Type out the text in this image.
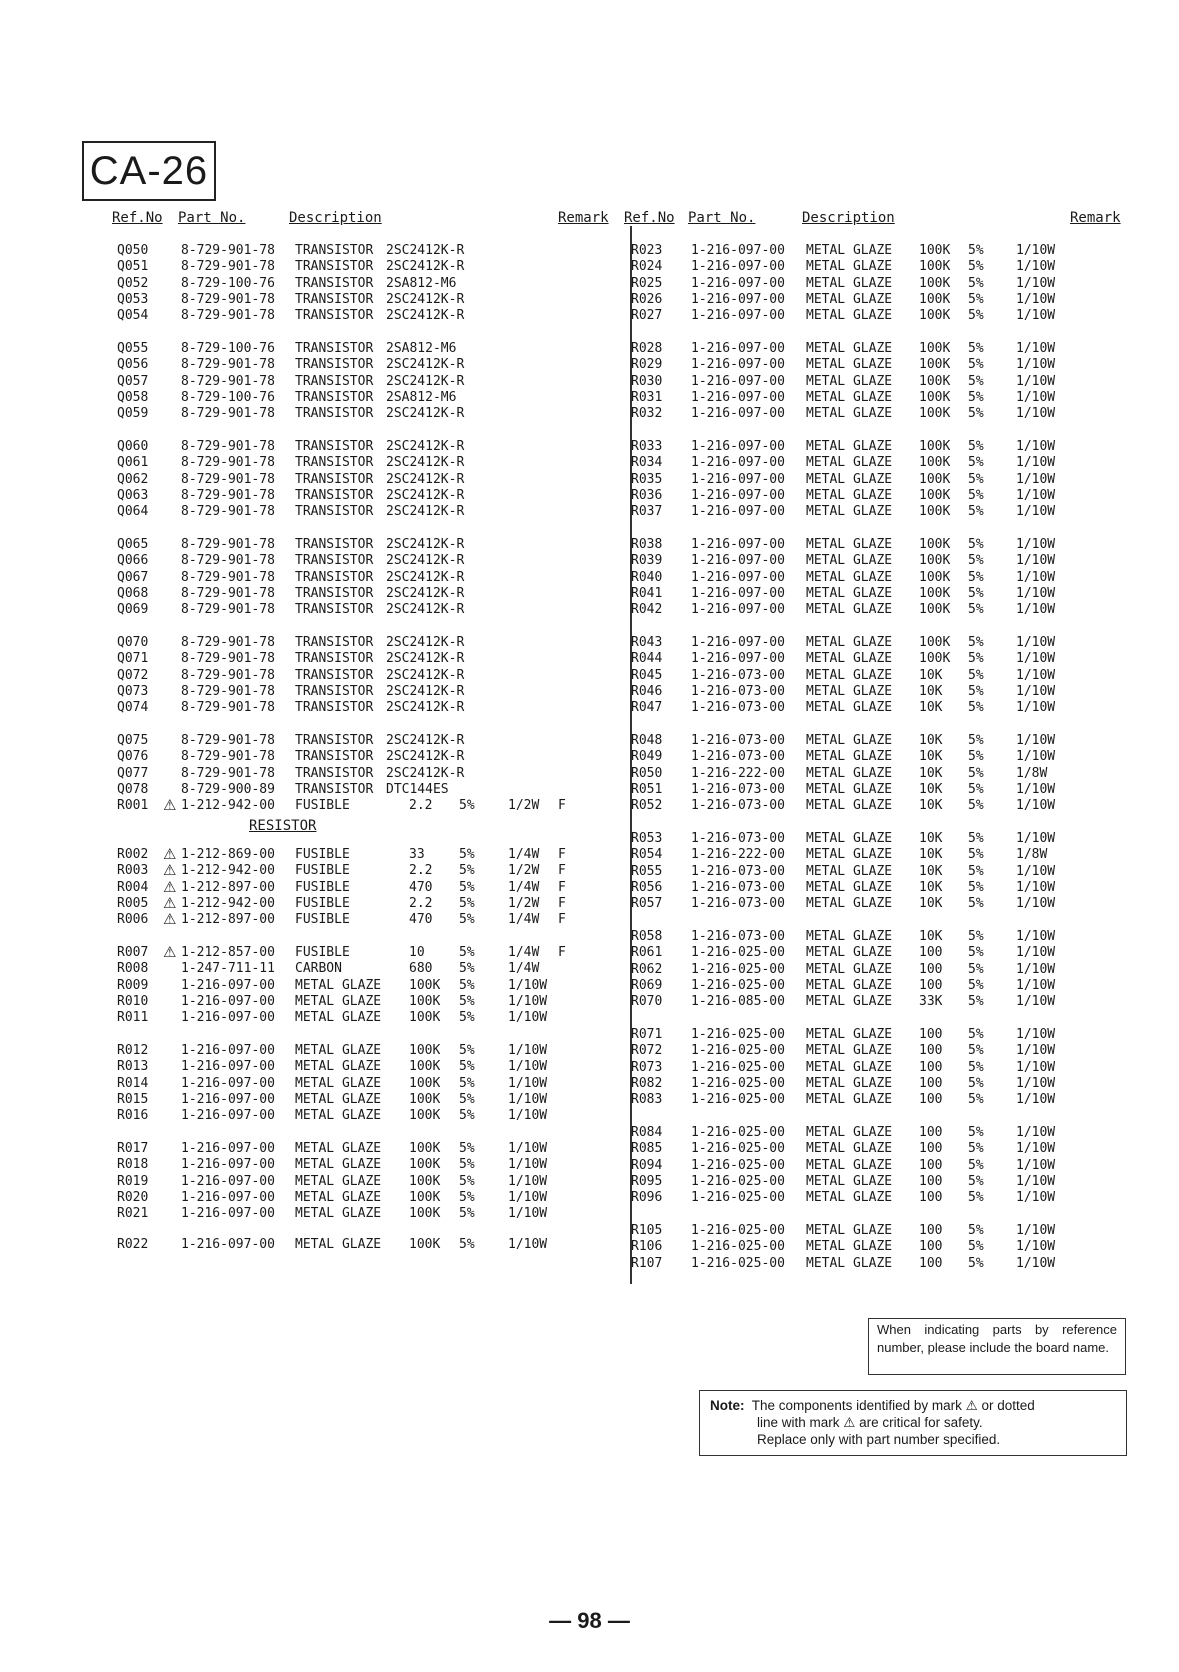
CA-26
Ref.No Part No.	Description	Remark Ref.No Part No.	Description	Remark
RESISTOR
Q050	8-729-901-78 TRANSISTOR 2SC2412K-R
Q051	8-729-901-78 TRANSISTOR 2SC2412K-R
Q052	8-729-100-76 TRANSISTOR 2SA812-M6
Q053	8-729-901-78 TRANSISTOR 2SC2412K-R
Q054	8-729-901-78 TRANSISTOR 2SC2412K-R
Q055	8-729-100-76 TRANSISTOR 2SA812-M6
Q056	8-729-901-78 TRANSISTOR 2SC2412K-R
Q057	8-729-901-78 TRANSISTOR 2SC2412K-R
Q058	8-729-100-76 TRANSISTOR 2SA812-M6
Q059	8-729-901-78 TRANSISTOR 2SC2412K-R
Q060	8-729-901-78 TRANSISTOR 2SC2412K-R
Q061	8-729-901-78 TRANSISTOR 2SC2412K-R
Q062	8-729-901-78 TRANSISTOR 2SC2412K-R
Q063	8-729-901-78 TRANSISTOR 2SC2412K-R
Q064	8-729-901-78 TRANSISTOR 2SC2412K-R
Q065	8-729-901-78 TRANSISTOR 2SC2412K-R
Q066	8-729-901-78 TRANSISTOR 2SC2412K-R
Q067	8-729-901-78 TRANSISTOR 2SC2412K-R
Q068	8-729-901-78 TRANSISTOR 2SC2412K-R
Q069	8-729-901-78 TRANSISTOR 2SC2412K-R
Q070	8-729-901-78 TRANSISTOR 2SC2412K-R
Q071	8-729-901-78 TRANSISTOR 2SC2412K-R
Q072	8-729-901-78 TRANSISTOR 2SC2412K-R
Q073	8-729-901-78 TRANSISTOR 2SC2412K-R
Q074	8-729-901-78 TRANSISTOR 2SC2412K-R
Q075	8-729-901-78 TRANSISTOR 2SC2412K-R
Q076	8-729-901-78 TRANSISTOR 2SC2412K-R
Q077	8-729-901-78 TRANSISTOR 2SC2412K-R
Q078	8-729-900-89 TRANSISTOR DTC144ES
R001	1-212-942-00 FUSIBLE	2.2 5%	1/2W F
⚠
R002	1-212-869-00 FUSIBLE	33	5%	1/4W F
⚠
R003	1-212-942-00 FUSIBLE	2.2 5%	1/2W F
⚠
R004	1-212-897-00 FUSIBLE	470 5%	1/4W F
⚠
R005	1-212-942-00 FUSIBLE	2.2 5%	1/2W F
⚠
R006	1-212-897-00 FUSIBLE	470 5%	1/4W F
⚠
R007	1-212-857-00 FUSIBLE	10	5%	1/4W F
⚠
R008	1-247-711-11 CARBON	680 5%	1/4W
R009	1-216-097-00 METAL GLAZE 100K 5%	1/10W
R010	1-216-097-00 METAL GLAZE 100K 5%	1/10W
R011	1-216-097-00 METAL GLAZE 100K 5%	1/10W
R012	1-216-097-00 METAL GLAZE 100K 5%	1/10W
R013	1-216-097-00 METAL GLAZE 100K 5%	1/10W
R014	1-216-097-00 METAL GLAZE 100K 5%	1/10W
R015	1-216-097-00 METAL GLAZE 100K 5%	1/10W
R016	1-216-097-00 METAL GLAZE 100K 5%	1/10W
R017	1-216-097-00 METAL GLAZE 100K 5%	1/10W
R018	1-216-097-00 METAL GLAZE 100K 5%	1/10W
R019	1-216-097-00 METAL GLAZE 100K 5%	1/10W
R020	1-216-097-00 METAL GLAZE 100K 5%	1/10W
R021	1-216-097-00 METAL GLAZE 100K 5%	1/10W
R022	1-216-097-00 METAL GLAZE 100K 5%	1/10W
R023 1-216-097-00 METAL GLAZE 100K 5% 1/10W
R024 1-216-097-00 METAL GLAZE 100K 5% 1/10W
R025 1-216-097-00 METAL GLAZE 100K 5% 1/10W
R026 1-216-097-00 METAL GLAZE 100K 5% 1/10W
R027 1-216-097-00 METAL GLAZE 100K 5% 1/10W
R028 1-216-097-00 METAL GLAZE 100K 5% 1/10W
R029 1-216-097-00 METAL GLAZE 100K 5% 1/10W
R030 1-216-097-00 METAL GLAZE 100K 5% 1/10W
R031 1-216-097-00 METAL GLAZE 100K 5% 1/10W
R032 1-216-097-00 METAL GLAZE 100K 5% 1/10W
R033 1-216-097-00 METAL GLAZE 100K 5% 1/10W
R034 1-216-097-00 METAL GLAZE 100K 5% 1/10W
R035 1-216-097-00 METAL GLAZE 100K 5% 1/10W
R036 1-216-097-00 METAL GLAZE 100K 5% 1/10W
R037 1-216-097-00 METAL GLAZE 100K 5% 1/10W
R038 1-216-097-00 METAL GLAZE 100K 5% 1/10W
R039 1-216-097-00 METAL GLAZE 100K 5% 1/10W
R040 1-216-097-00 METAL GLAZE 100K 5% 1/10W
R041 1-216-097-00 METAL GLAZE 100K 5% 1/10W
R042 1-216-097-00 METAL GLAZE 100K 5% 1/10W
R043 1-216-097-00 METAL GLAZE 100K 5% 1/10W
R044 1-216-097-00 METAL GLAZE 100K 5% 1/10W
R045 1-216-073-00 METAL GLAZE 10K 5% 1/10W
R046 1-216-073-00 METAL GLAZE 10K 5% 1/10W
R047 1-216-073-00 METAL GLAZE 10K 5% 1/10W
R048 1-216-073-00 METAL GLAZE 10K 5% 1/10W
R049 1-216-073-00 METAL GLAZE 10K 5% 1/10W
R050 1-216-222-00 METAL GLAZE 10K 5% 1/8W
R051 1-216-073-00 METAL GLAZE 10K 5% 1/10W
R052 1-216-073-00 METAL GLAZE 10K 5% 1/10W
R053 1-216-073-00 METAL GLAZE 10K 5% 1/10W
R054 1-216-222-00 METAL GLAZE 10K 5% 1/8W
R055 1-216-073-00 METAL GLAZE 10K 5% 1/10W
R056 1-216-073-00 METAL GLAZE 10K 5% 1/10W
R057 1-216-073-00 METAL GLAZE 10K 5% 1/10W
R058 1-216-073-00 METAL GLAZE 10K 5% 1/10W
R061 1-216-025-00 METAL GLAZE 100 5% 1/10W
R062 1-216-025-00 METAL GLAZE 100 5% 1/10W
R069 1-216-025-00 METAL GLAZE 100 5% 1/10W
R070 1-216-085-00 METAL GLAZE 33K 5% 1/10W
R071 1-216-025-00 METAL GLAZE 100 5% 1/10W
R072 1-216-025-00 METAL GLAZE 100 5% 1/10W
R073 1-216-025-00 METAL GLAZE 100 5% 1/10W
R082 1-216-025-00 METAL GLAZE 100 5% 1/10W
R083 1-216-025-00 METAL GLAZE 100 5% 1/10W
R084 1-216-025-00 METAL GLAZE 100 5% 1/10W
R085 1-216-025-00 METAL GLAZE 100 5% 1/10W
R094 1-216-025-00 METAL GLAZE 100 5% 1/10W
R095 1-216-025-00 METAL GLAZE 100 5% 1/10W
R096 1-216-025-00 METAL GLAZE 100 5% 1/10W
R105 1-216-025-00 METAL GLAZE 100 5% 1/10W
R106 1-216-025-00 METAL GLAZE 100 5% 1/10W
R107 1-216-025-00 METAL GLAZE 100 5% 1/10W
When indicating parts by reference number, please include the board name.
Note: The components identified by mark ⚠ or dotted
line with mark ⚠ are critical for safety.
Replace only with part number specified.
— 98 —
